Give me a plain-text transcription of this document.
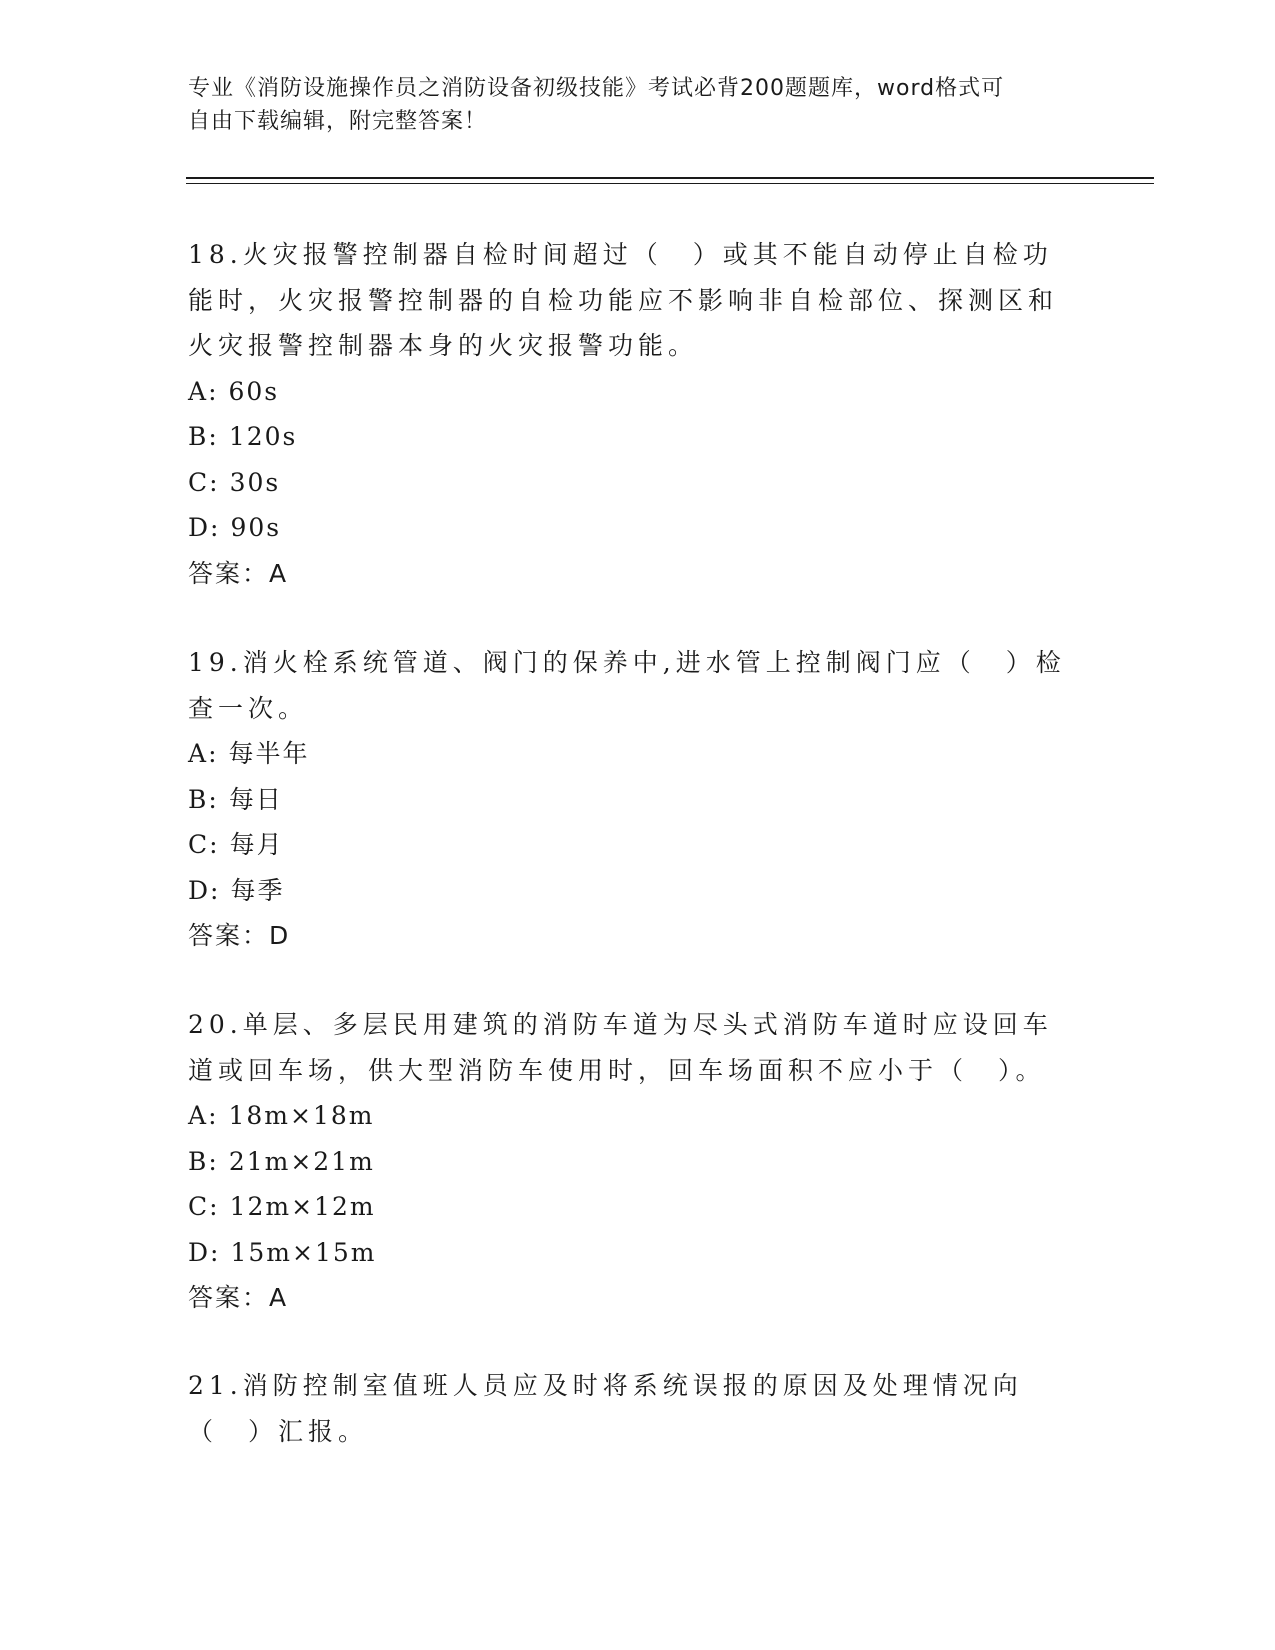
专业《消防设施操作员之消防设备初级技能》考试必背200题题库，word格式可
自由下载编辑，附完整答案！

18.火灾报警控制器自检时间超过（　）或其不能自动停止自检功能时，火灾报警控制器的自检功能应不影响非自检部位、探测区和火灾报警控制器本身的火灾报警功能。

A: 60s
B: 120s
C: 30s
D: 90s
答案：A

19.消火栓系统管道、阀门的保养中,进水管上控制阀门应（　）检查一次。

A: 每半年
B: 每日
C: 每月
D: 每季
答案：D

20.单层、多层民用建筑的消防车道为尽头式消防车道时应设回车道或回车场，供大型消防车使用时，回车场面积不应小于（　）。

A: 18m×18m
B: 21m×21m
C: 12m×12m
D: 15m×15m
答案：A

21.消防控制室值班人员应及时将系统误报的原因及处理情况向（　）汇报。
